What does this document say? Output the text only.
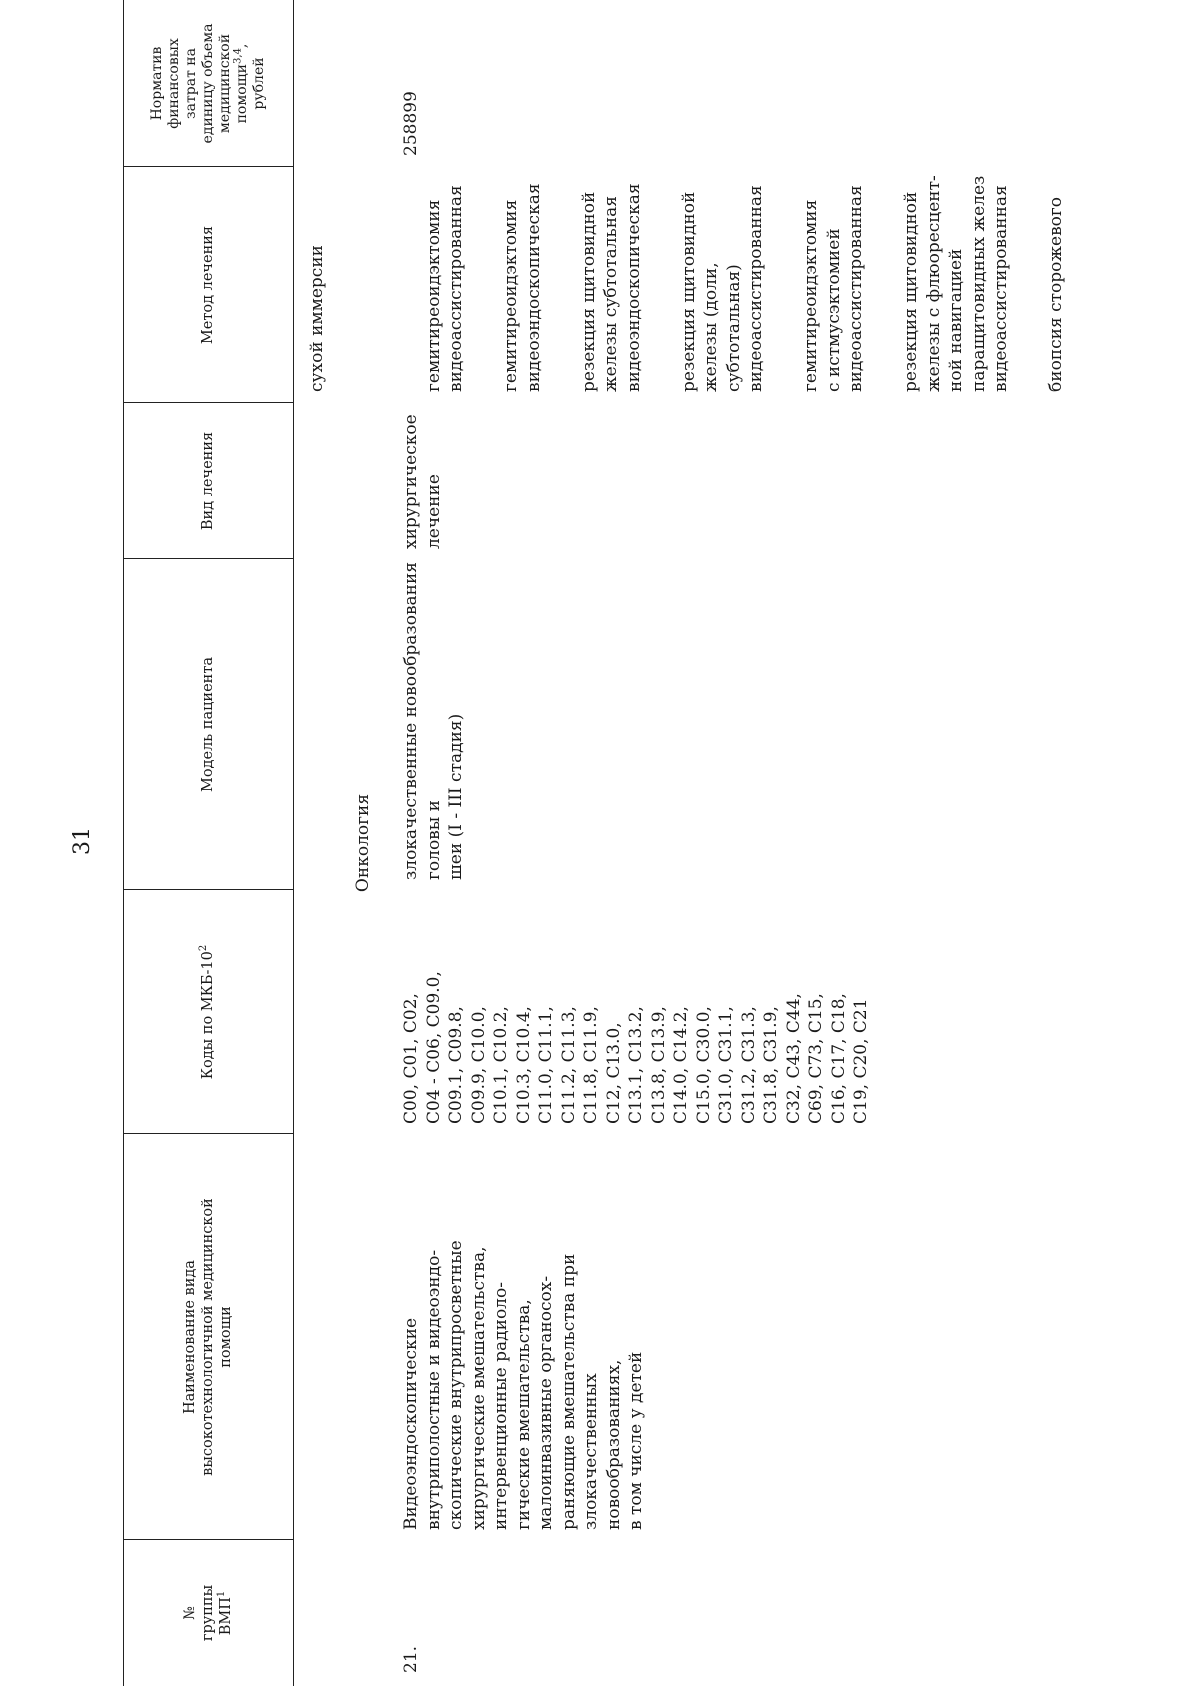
31
№
группы
ВМП$^1$
Наименование вида
высокотехнологичной медицинской
помощи
Коды по МКБ-$10^2$
Модель пациента
Вид лечения
Метод лечения
Норматив
финансовых
затрат на
единицу объема
медицинской
помощи$^{3,4}$,
рублей
сухой иммерсии
Онкология
21.
Видеоэндоскопические
внутриполостные и видеоэндо-
скопические внутрипросветные
хирургические вмешательства,
интервенционные радиоло-
гические вмешательства,
малоинвазивные органосох-
раняющие вмешательства при
злокачественных
новообразованиях,
в том числе у детей
C00, C01, C02,
C04 - C06, C09.0,
C09.1, C09.8,
C09.9, C10.0,
C10.1, C10.2,
C10.3, C10.4,
C11.0, C11.1,
C11.2, C11.3,
C11.8, C11.9,
C12, C13.0,
C13.1, C13.2,
C13.8, C13.9,
C14.0, C14.2,
C15.0, C30.0,
C31.0, C31.1,
C31.2, C31.3,
C31.8, C31.9,
C32, C43, C44,
C69, C73, C15,
C16, C17, C18,
C19, C20, C21
злокачественные новообразования головы и
шеи (I - III стадия)
хирургическое
лечение

гемитиреоидэктомия
видеоассистированная гемитиреоидэктомия
видеоэндоскопическая резекция щитовидной
железы субтотальная
видеоэндоскопическая резекция щитовидной
железы (доли,
субтотальная)
видеоассистированная гемитиреоидэктомия
с истмусэктомией
видеоассистированная резекция щитовидной
железы с флюоресцент-
ной навигацией
паращитовидных желез
видеоассистированная биопсия сторожевого

258899
